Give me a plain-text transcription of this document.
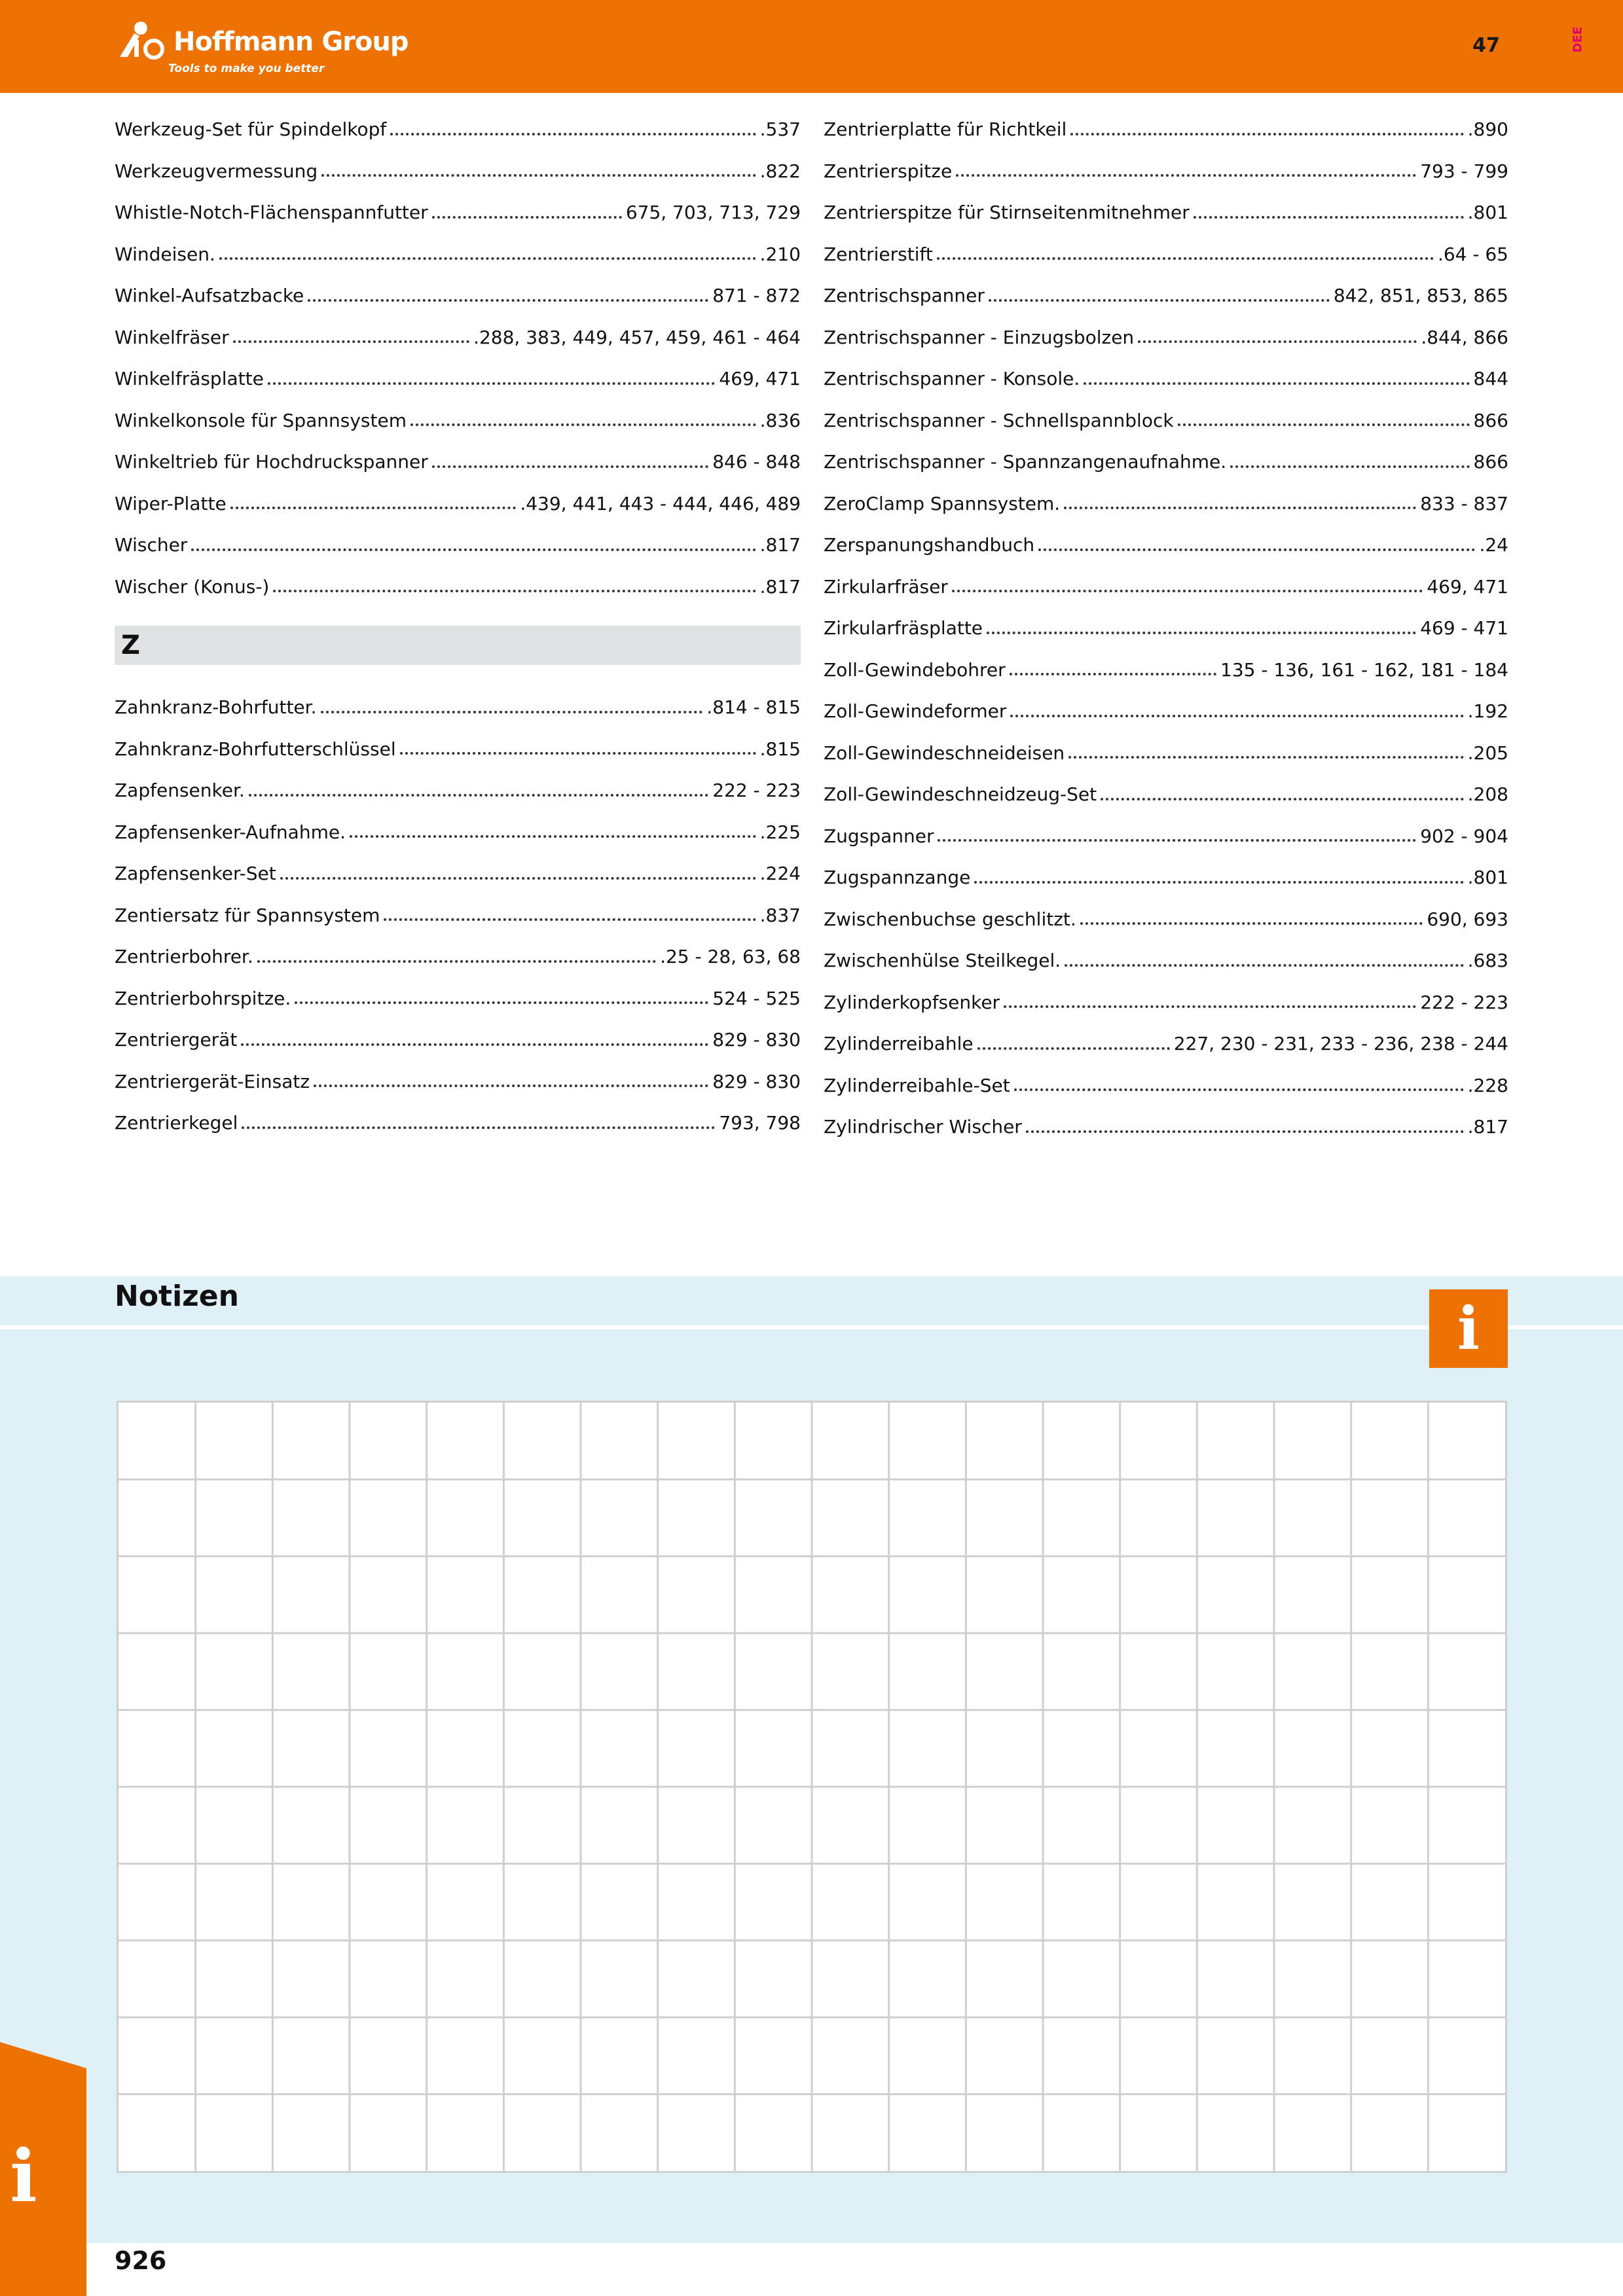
Hoffmann Group
Tools to make you better
47	DEE
Werkzeug-Set für Spindelkopf	.537
Werkzeugvermessung	.822
Whistle-Notch-Flächenspannfutter	675, 703, 713, 729
Windeisen.	.210
Winkel-Aufsatzbacke	871 - 872
Winkelfräser	.288, 383, 449, 457, 459, 461 - 464
Winkelfräsplatte	469, 471
Winkelkonsole für Spannsystem	.836
Winkeltrieb für Hochdruckspanner	846 - 848
Wiper-Platte	.439, 441, 443 - 444, 446, 489
Wischer	.817
Wischer (Konus-)	.817
Z
Zahnkranz-Bohrfutter.	.814 - 815
Zahnkranz-Bohrfutterschlüssel	.815
Zapfensenker.	222 - 223
Zapfensenker-Aufnahme.	.225
Zapfensenker-Set	.224
Zentiersatz für Spannsystem	.837
Zentrierbohrer.	.25 - 28, 63, 68
Zentrierbohrspitze.	524 - 525
Zentriergerät	829 - 830
Zentriergerät-Einsatz	829 - 830
Zentrierkegel	793, 798
Zentrierplatte für Richtkeil	.890
Zentrierspitze	793 - 799
Zentrierspitze für Stirnseitenmitnehmer	.801
Zentrierstift	.64 - 65
Zentrischspanner	842, 851, 853, 865
Zentrischspanner - Einzugsbolzen	.844, 866
Zentrischspanner - Konsole.	844
Zentrischspanner - Schnellspannblock	866
Zentrischspanner - Spannzangenaufnahme.	866
ZeroClamp Spannsystem.	833 - 837
Zerspanungshandbuch	.24
Zirkularfräser	469, 471
Zirkularfräsplatte	469 - 471
Zoll-Gewindebohrer	135 - 136, 161 - 162, 181 - 184
Zoll-Gewindeformer	.192
Zoll-Gewindeschneideisen	.205
Zoll-Gewindeschneidzeug-Set	.208
Zugspanner	902 - 904
Zugspannzange	.801
Zwischenbuchse geschlitzt.	690, 693
Zwischenhülse Steilkegel.	.683
Zylinderkopfsenker	222 - 223
Zylinderreibahle	227, 230 - 231, 233 - 236, 238 - 244
Zylinderreibahle-Set	.228
Zylindrischer Wischer	.817
Notizen	i
i
926
